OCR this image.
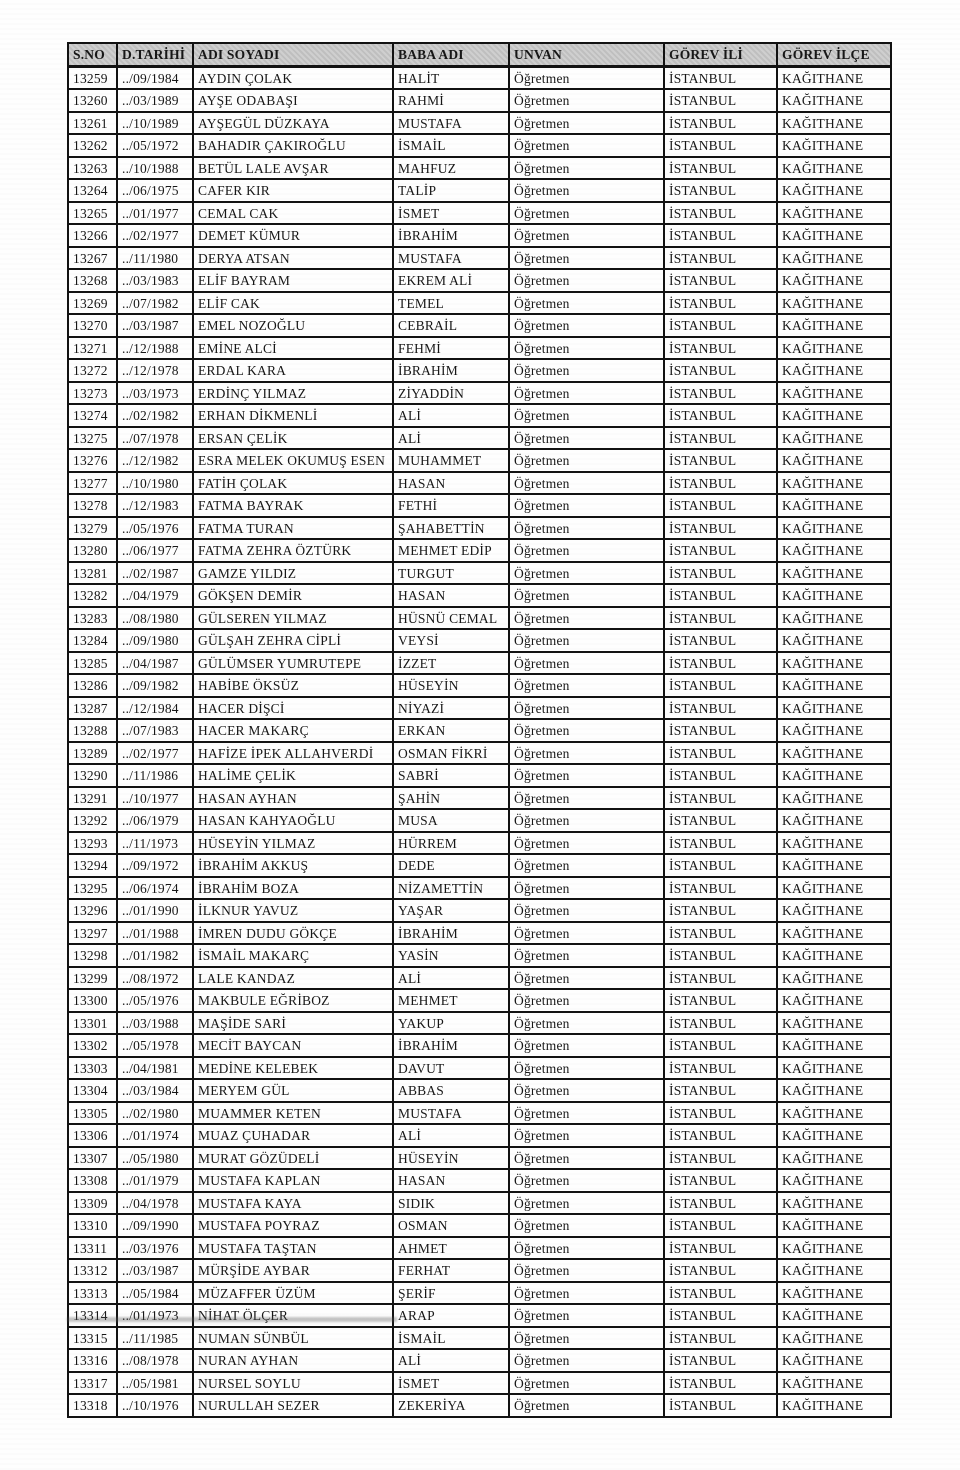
S.NO	D.TARİHİ	ADI SOYADI	BABA ADI	UNVAN	GÖREV İLİ	GÖREV İLÇE
13259	../09/1984	AYDIN ÇOLAK	HALİT	Öğretmen	İSTANBUL	KAĞITHANE
13260	../03/1989	AYŞE ODABAŞI	RAHMİ	Öğretmen	İSTANBUL	KAĞITHANE
13261	../10/1989	AYŞEGÜL DÜZKAYA	MUSTAFA	Öğretmen	İSTANBUL	KAĞITHANE
13262	../05/1972	BAHADIR ÇAKIROĞLU	İSMAİL	Öğretmen	İSTANBUL	KAĞITHANE
13263	../10/1988	BETÜL LALE AVŞAR	MAHFUZ	Öğretmen	İSTANBUL	KAĞITHANE
13264	../06/1975	CAFER KIR	TALİP	Öğretmen	İSTANBUL	KAĞITHANE
13265	../01/1977	CEMAL CAK	İSMET	Öğretmen	İSTANBUL	KAĞITHANE
13266	../02/1977	DEMET KÜMUR	İBRAHİM	Öğretmen	İSTANBUL	KAĞITHANE
13267	../11/1980	DERYA ATSAN	MUSTAFA	Öğretmen	İSTANBUL	KAĞITHANE
13268	../03/1983	ELİF BAYRAM	EKREM ALİ	Öğretmen	İSTANBUL	KAĞITHANE
13269	../07/1982	ELİF CAK	TEMEL	Öğretmen	İSTANBUL	KAĞITHANE
13270	../03/1987	EMEL NOZOĞLU	CEBRAİL	Öğretmen	İSTANBUL	KAĞITHANE
13271	../12/1988	EMİNE ALCİ	FEHMİ	Öğretmen	İSTANBUL	KAĞITHANE
13272	../12/1978	ERDAL KARA	İBRAHİM	Öğretmen	İSTANBUL	KAĞITHANE
13273	../03/1973	ERDİNÇ YILMAZ	ZİYADDİN	Öğretmen	İSTANBUL	KAĞITHANE
13274	../02/1982	ERHAN DİKMENLİ	ALİ	Öğretmen	İSTANBUL	KAĞITHANE
13275	../07/1978	ERSAN ÇELİK	ALİ	Öğretmen	İSTANBUL	KAĞITHANE
13276	../12/1982	ESRA MELEK OKUMUŞ ESEN	MUHAMMET	Öğretmen	İSTANBUL	KAĞITHANE
13277	../10/1980	FATİH ÇOLAK	HASAN	Öğretmen	İSTANBUL	KAĞITHANE
13278	../12/1983	FATMA BAYRAK	FETHİ	Öğretmen	İSTANBUL	KAĞITHANE
13279	../05/1976	FATMA TURAN	ŞAHABETTİN	Öğretmen	İSTANBUL	KAĞITHANE
13280	../06/1977	FATMA ZEHRA ÖZTÜRK	MEHMET EDİP	Öğretmen	İSTANBUL	KAĞITHANE
13281	../02/1987	GAMZE YILDIZ	TURGUT	Öğretmen	İSTANBUL	KAĞITHANE
13282	../04/1979	GÖKŞEN DEMİR	HASAN	Öğretmen	İSTANBUL	KAĞITHANE
13283	../08/1980	GÜLSEREN YILMAZ	HÜSNÜ CEMAL	Öğretmen	İSTANBUL	KAĞITHANE
13284	../09/1980	GÜLŞAH ZEHRA CİPLİ	VEYSİ	Öğretmen	İSTANBUL	KAĞITHANE
13285	../04/1987	GÜLÜMSER YUMRUTEPE	İZZET	Öğretmen	İSTANBUL	KAĞITHANE
13286	../09/1982	HABİBE ÖKSÜZ	HÜSEYİN	Öğretmen	İSTANBUL	KAĞITHANE
13287	../12/1984	HACER DİŞCİ	NİYAZİ	Öğretmen	İSTANBUL	KAĞITHANE
13288	../07/1983	HACER MAKARÇ	ERKAN	Öğretmen	İSTANBUL	KAĞITHANE
13289	../02/1977	HAFİZE İPEK ALLAHVERDİ	OSMAN FİKRİ	Öğretmen	İSTANBUL	KAĞITHANE
13290	../11/1986	HALİME ÇELİK	SABRİ	Öğretmen	İSTANBUL	KAĞITHANE
13291	../10/1977	HASAN AYHAN	ŞAHİN	Öğretmen	İSTANBUL	KAĞITHANE
13292	../06/1979	HASAN KAHYAOĞLU	MUSA	Öğretmen	İSTANBUL	KAĞITHANE
13293	../11/1973	HÜSEYİN YILMAZ	HÜRREM	Öğretmen	İSTANBUL	KAĞITHANE
13294	../09/1972	İBRAHİM AKKUŞ	DEDE	Öğretmen	İSTANBUL	KAĞITHANE
13295	../06/1974	İBRAHİM BOZA	NİZAMETTİN	Öğretmen	İSTANBUL	KAĞITHANE
13296	../01/1990	İLKNUR YAVUZ	YAŞAR	Öğretmen	İSTANBUL	KAĞITHANE
13297	../01/1988	İMREN DUDU GÖKÇE	İBRAHİM	Öğretmen	İSTANBUL	KAĞITHANE
13298	../01/1982	İSMAİL MAKARÇ	YASİN	Öğretmen	İSTANBUL	KAĞITHANE
13299	../08/1972	LALE KANDAZ	ALİ	Öğretmen	İSTANBUL	KAĞITHANE
13300	../05/1976	MAKBULE EĞRİBOZ	MEHMET	Öğretmen	İSTANBUL	KAĞITHANE
13301	../03/1988	MAŞİDE SARİ	YAKUP	Öğretmen	İSTANBUL	KAĞITHANE
13302	../05/1978	MECİT BAYCAN	İBRAHİM	Öğretmen	İSTANBUL	KAĞITHANE
13303	../04/1981	MEDİNE KELEBEK	DAVUT	Öğretmen	İSTANBUL	KAĞITHANE
13304	../03/1984	MERYEM GÜL	ABBAS	Öğretmen	İSTANBUL	KAĞITHANE
13305	../02/1980	MUAMMER KETEN	MUSTAFA	Öğretmen	İSTANBUL	KAĞITHANE
13306	../01/1974	MUAZ ÇUHADAR	ALİ	Öğretmen	İSTANBUL	KAĞITHANE
13307	../05/1980	MURAT GÖZÜDELİ	HÜSEYİN	Öğretmen	İSTANBUL	KAĞITHANE
13308	../01/1979	MUSTAFA KAPLAN	HASAN	Öğretmen	İSTANBUL	KAĞITHANE
13309	../04/1978	MUSTAFA KAYA	SIDIK	Öğretmen	İSTANBUL	KAĞITHANE
13310	../09/1990	MUSTAFA POYRAZ	OSMAN	Öğretmen	İSTANBUL	KAĞITHANE
13311	../03/1976	MUSTAFA TAŞTAN	AHMET	Öğretmen	İSTANBUL	KAĞITHANE
13312	../03/1987	MÜRŞİDE AYBAR	FERHAT	Öğretmen	İSTANBUL	KAĞITHANE
13313	../05/1984	MÜZAFFER ÜZÜM	ŞERİF	Öğretmen	İSTANBUL	KAĞITHANE
13314	../01/1973	NİHAT ÖLÇER	ARAP	Öğretmen	İSTANBUL	KAĞITHANE
13315	../11/1985	NUMAN SÜNBÜL	İSMAİL	Öğretmen	İSTANBUL	KAĞITHANE
13316	../08/1978	NURAN AYHAN	ALİ	Öğretmen	İSTANBUL	KAĞITHANE
13317	../05/1981	NURSEL SOYLU	İSMET	Öğretmen	İSTANBUL	KAĞITHANE
13318	../10/1976	NURULLAH SEZER	ZEKERİYA	Öğretmen	İSTANBUL	KAĞITHANE
